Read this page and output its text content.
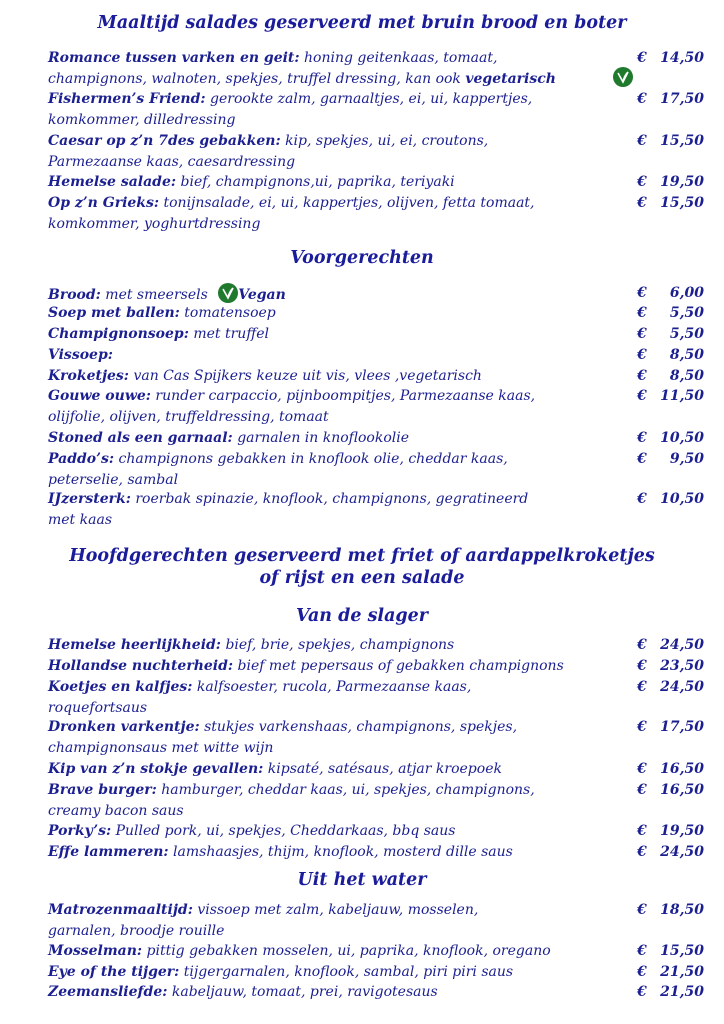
Maaltijd salades geserveerd met bruin brood en boter
Romance tussen varken en geit: honing geitenkaas, tomaat,
champignons, walnoten, spekjes, truffel dressing, kan ook vegetarisch
€ 14,50
Fishermen’s Friend: gerookte zalm, garnaaltjes, ei, ui, kappertjes,
komkommer, dilledressing
€ 17,50
Caesar op z’n 7des gebakken: kip, spekjes, ui, ei, croutons,
Parmezaanse kaas, caesardressing
€ 15,50
Hemelse salade: bief, champignons,ui, paprika, teriyaki	€ 19,50
Op z’n Grieks: tonijnsalade, ei, ui, kappertjes, olijven, fetta tomaat,
komkommer, yoghurtdressing
€ 15,50
Voorgerechten
Brood: met smeersels Vegan	€ 6,00
Soep met ballen: tomatensoep	€ 5,50
Champignonsoep: met truffel	€ 5,50
Vissoep:	€ 8,50
Kroketjes: van Cas Spijkers keuze uit vis, vlees ,vegetarisch	€ 8,50
Gouwe ouwe: runder carpaccio, pijnboompitjes, Parmezaanse kaas,
olijfolie, olijven, truffeldressing, tomaat
€ 11,50
Stoned als een garnaal: garnalen in knoflookolie	€ 10,50
Paddo’s: champignons gebakken in knoflook olie, cheddar kaas,
peterselie, sambal
€ 9,50
IJzersterk: roerbak spinazie, knoflook, champignons, gegratineerd
met kaas
€ 10,50
Hoofdgerechten geserveerd met friet of aardappelkroketjes
of rijst en een salade
Van de slager
Hemelse heerlijkheid: bief, brie, spekjes, champignons	€ 24,50
Hollandse nuchterheid: bief met pepersaus of gebakken champignons	€ 23,50
Koetjes en kalfjes: kalfsoester, rucola, Parmezaanse kaas,
roquefortsaus
€ 24,50
Dronken varkentje: stukjes varkenshaas, champignons, spekjes,
champignonsaus met witte wijn
€ 17,50
Kip van z’n stokje gevallen: kipsaté, satésaus, atjar kroepoek	€ 16,50
Brave burger: hamburger, cheddar kaas, ui, spekjes, champignons,
creamy bacon saus
€ 16,50
Porky’s: Pulled pork, ui, spekjes, Cheddarkaas, bbq saus	€ 19,50
Effe lammeren: lamshaasjes, thijm, knoflook, mosterd dille saus	€ 24,50
Uit het water
Matrozenmaaltijd: vissoep met zalm, kabeljauw, mosselen,
garnalen, broodje rouille
€ 18,50
Mosselman: pittig gebakken mosselen, ui, paprika, knoflook, oregano	€ 15,50
Eye of the tijger: tijgergarnalen, knoflook, sambal, piri piri saus	€ 21,50
Zeemansliefde: kabeljauw, tomaat, prei, ravigotesaus	€ 21,50
